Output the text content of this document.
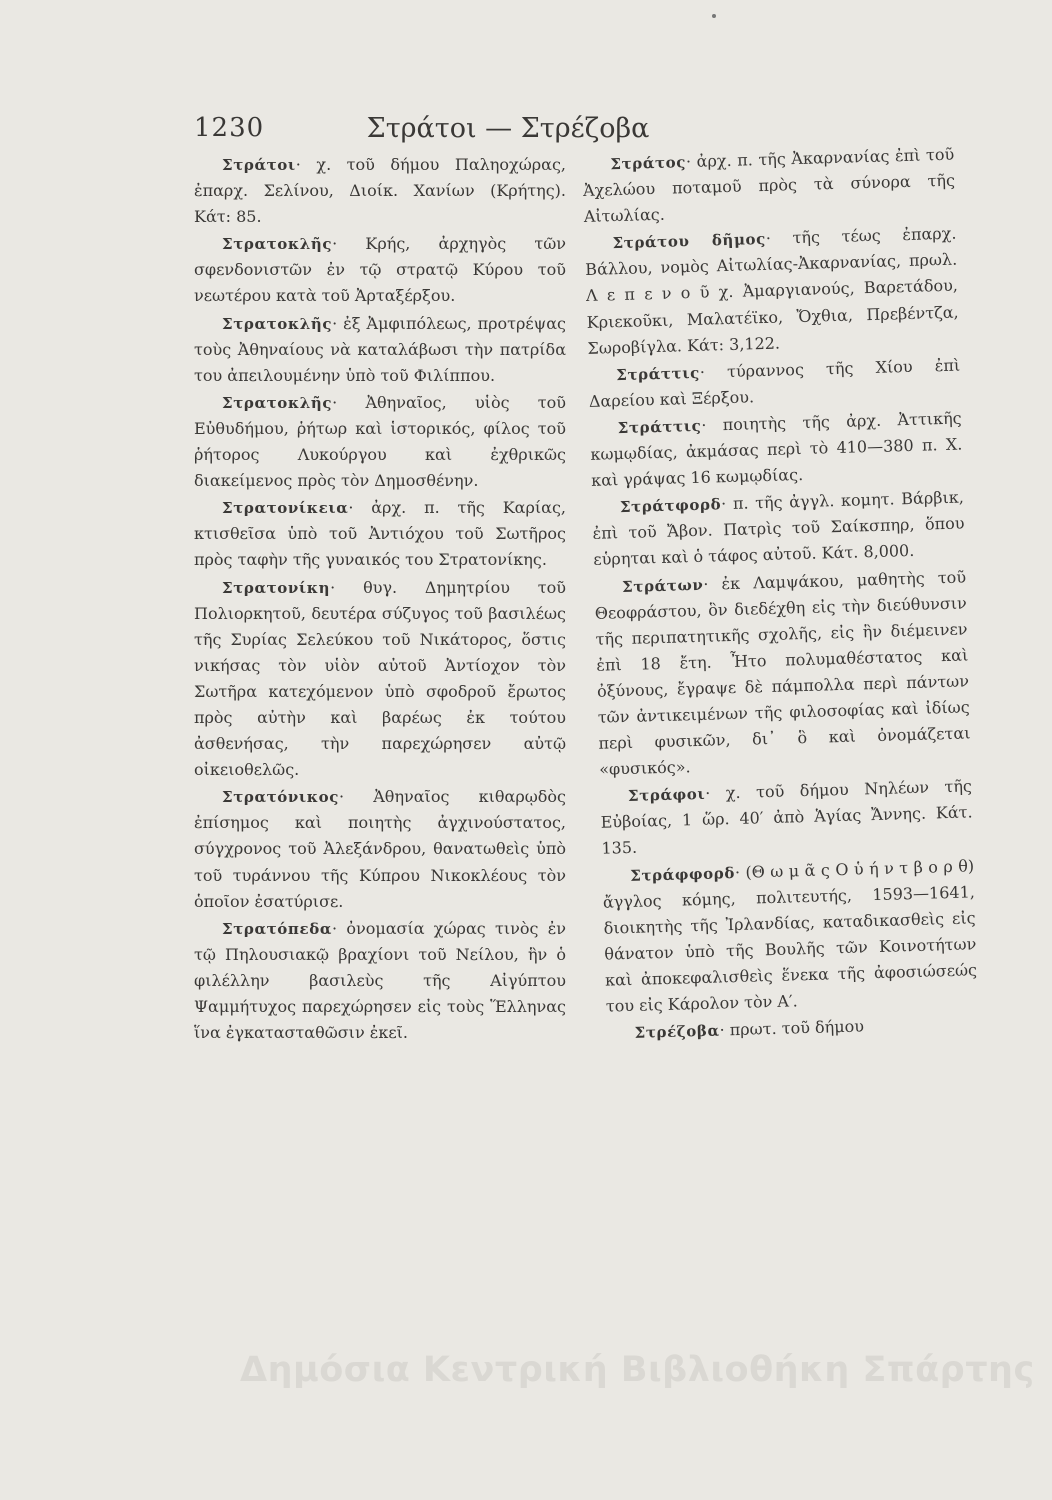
1230	Στράτοι — Στρέζοβα

Στράτοι· χ. τοῦ δήμου Παληοχώρας, ἐπαρχ. Σελίνου, Διοίκ. Χανίων (Κρήτης). Κάτ: 85.

Στρατοκλῆς· Κρής, ἀρχηγὸς τῶν σφενδονιστῶν ἐν τῷ στρατῷ Κύρου τοῦ νεωτέρου κατὰ τοῦ Ἀρταξέρξου.

Στρατοκλῆς· ἐξ Ἀμφιπόλεως, προτρέψας τοὺς Ἀθηναίους νὰ καταλάβωσι τὴν πατρίδα του ἀπειλουμένην ὑπὸ τοῦ Φιλίππου.

Στρατοκλῆς· Ἀθηναῖος, υἱὸς τοῦ Εὐθυδήμου, ῥήτωρ καὶ ἱστορικός, φίλος τοῦ ῥήτορος Λυκούργου καὶ ἐχθρικῶς διακείμενος πρὸς τὸν Δημοσθένην.

Στρατονίκεια· ἀρχ. π. τῆς Καρίας, κτισθεῖσα ὑπὸ τοῦ Ἀντιόχου τοῦ Σωτῆρος πρὸς ταφὴν τῆς γυναικός του Στρατονίκης.

Στρατονίκη· θυγ. Δημητρίου τοῦ Πολιορκητοῦ, δευτέρα σύζυγος τοῦ βασιλέως τῆς Συρίας Σελεύκου τοῦ Νικάτορος, ὅστις νικήσας τὸν υἱὸν αὐτοῦ Ἀντίοχον τὸν Σωτῆρα κατεχόμενον ὑπὸ σφοδροῦ ἔρωτος πρὸς αὐτὴν καὶ βαρέως ἐκ τούτου ἀσθενήσας, τὴν παρεχώρησεν αὐτῷ οἰκειοθελῶς.

Στρατόνικος· Ἀθηναῖος κιθαρῳδὸς ἐπίσημος καὶ ποιητὴς ἀγχινούστατος, σύγχρονος τοῦ Ἀλεξάνδρου, θανατωθεὶς ὑπὸ τοῦ τυράννου τῆς Κύπρου Νικοκλέους τὸν ὁποῖον ἐσατύρισε.

Στρατόπεδα· ὀνομασία χώρας τινὸς ἐν τῷ Πηλουσιακῷ βραχίονι τοῦ Νείλου, ἣν ὁ φιλέλλην βασιλεὺς τῆς Αἰγύπτου Ψαμμήτυχος παρεχώρησεν εἰς τοὺς Ἕλληνας ἵνα ἐγκατασταθῶσιν ἐκεῖ.

Στράτος· ἀρχ. π. τῆς Ἀκαρνανίας ἐπὶ τοῦ Ἀχελώου ποταμοῦ πρὸς τὰ σύνορα τῆς Αἰτωλίας.

Στράτου δῆμος· τῆς τέως ἐπαρχ. Βάλλου, νομὸς Αἰτωλίας-Ἀκαρνανίας, πρωλ. Λ ε π ε ν ο ῦ χ. Ἀμαργιανούς, Βαρετάδου, Κριεκοῦκι, Μαλατέϊκο, Ὄχθια, Πρεβέντζα, Σωροβίγλα. Κάτ: 3,122.

Στράττις· τύραννος τῆς Χίου ἐπὶ Δαρείου καὶ Ξέρξου.

Στράττις· ποιητὴς τῆς ἀρχ. Ἀττικῆς κωμῳδίας, ἀκμάσας περὶ τὸ 410—380 π. Χ. καὶ γράψας 16 κωμῳδίας.

Στράτφορδ· π. τῆς ἀγγλ. κομητ. Βάρβικ, ἐπὶ τοῦ Ἄβον. Πατρὶς τοῦ Σαίκσπηρ, ὅπου εὑρηται καὶ ὁ τάφος αὐτοῦ. Κάτ. 8,000.

Στράτων· ἐκ Λαμψάκου, μαθητὴς τοῦ Θεοφράστου, ὃν διεδέχθη εἰς τὴν διεύθυνσιν τῆς περιπατητικῆς σχολῆς, εἰς ἣν διέμεινεν ἐπὶ 18 ἔτη. Ἦτο πολυμαθέστατος καὶ ὀξύνους, ἔγραψε δὲ πάμπολλα περὶ πάντων τῶν ἀντικειμένων τῆς φιλοσοφίας καὶ ἰδίως περὶ φυσικῶν, δι᾽ ὃ καὶ ὀνομάζεται «φυσικός».

Στράφοι· χ. τοῦ δήμου Νηλέων τῆς Εὐβοίας, 1 ὥρ. 40′ ἀπὸ Ἁγίας Ἄννης. Κάτ. 135.

Στράφφορδ· (Θ ω μ ᾶ ς Ο ὑ ή ν τ β ο ρ θ) ἄγγλος κόμης, πολιτευτής, 1593—1641, διοικητὴς τῆς Ἰρλανδίας, καταδικασθεὶς εἰς θάνατον ὑπὸ τῆς Βουλῆς τῶν Κοινοτήτων καὶ ἀποκεφαλισθεὶς ἕνεκα τῆς ἀφοσιώσεώς του εἰς Κάρολον τὸν Α′.

Στρέζοβα· πρωτ. τοῦ δήμου

Δημόσια Κεντρική Βιβλιοθήκη Σπάρτης
